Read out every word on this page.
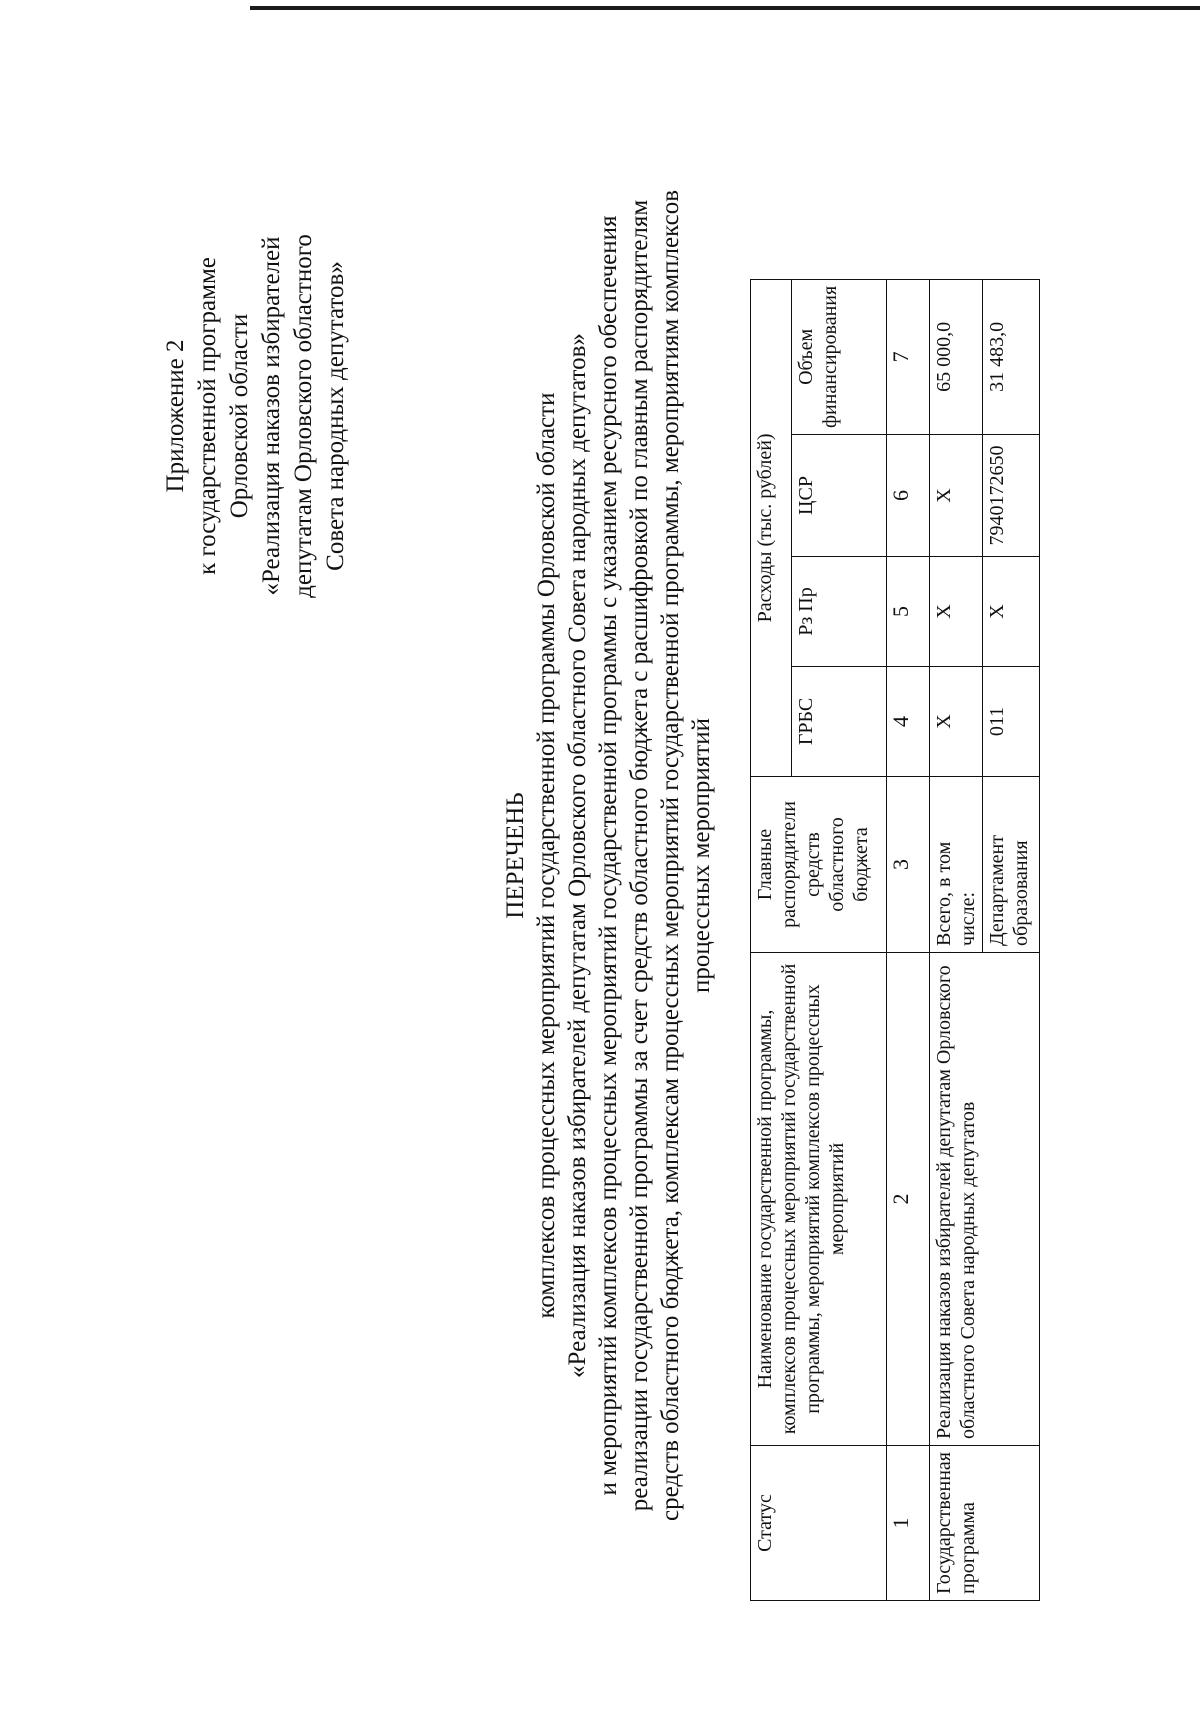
Приложение 2 к государственной программе Орловской области «Реализация наказов избирателей депутатам Орловского областного Совета народных депутатов»
ПЕРЕЧЕНЬ комплексов процессных мероприятий государственной программы Орловской области «Реализация наказов избирателей депутатам Орловского областного Совета народных депутатов» и мероприятий комплексов процессных мероприятий государственной программы с указанием ресурсного обеспечения реализации государственной программы за счет средств областного бюджета с расшифровкой по главным распорядителям средств областного бюджета, комплексам процессных мероприятий государственной программы, мероприятиям комплексов процессных мероприятий
Статус	Наименование государственной программы, комплексов процессных мероприятий государственной программы, мероприятий комплексов процессных мероприятий	Главные распорядители средств областного бюджета	Расходы (тыс. рублей)			
			ГРБС	Рз Пр	ЦСР	Объем финансирования
1	2	3	4	5	6	7
Государственная программа	Реализация наказов избирателей депутатам Орловского областного Совета народных депутатов	Всего, в том числе:	Х	Х	Х	65 000,0
		Департамент образования	011	Х	7940172650	31 483,0
